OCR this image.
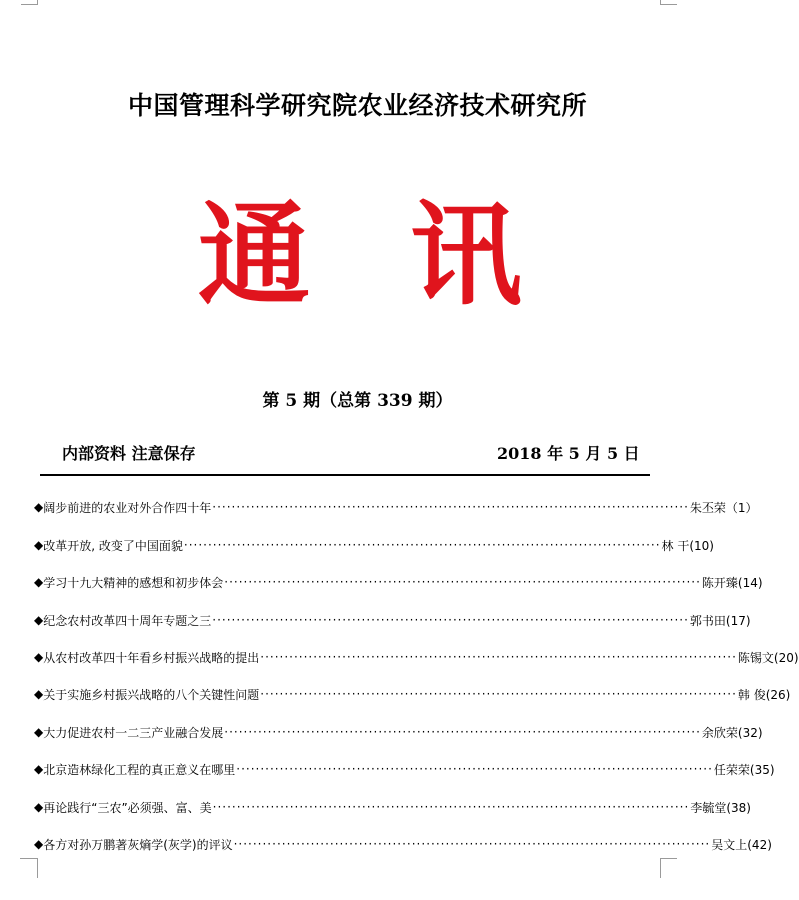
中国管理科学研究院农业经济技术研究所
通 讯
第 5 期（总第 339 期）
内部资料 注意保存	2018 年 5 月 5 日
◆ 阔步前进的农业对外合作四十年 ··································································································· 朱丕荣（1）
◆ 改革开放, 改变了中国面貌 ··································································································· 林 干(10)
◆ 学习十九大精神的感想和初步体会 ··································································································· 陈开臻(14)
◆ 纪念农村改革四十周年专题之三 ··································································································· 郭书田(17)
◆ 从农村改革四十年看乡村振兴战略的提出 ··································································································· 陈锡文(20)
◆ 关于实施乡村振兴战略的八个关键性问题 ··································································································· 韩 俊(26)
◆ 大力促进农村一二三产业融合发展 ··································································································· 余欣荣(32)
◆ 北京造林绿化工程的真正意义在哪里 ··································································································· 任荣荣(35)
◆ 再论践行“三农”必须强、富、美 ··································································································· 李毓堂(38)
◆ 各方对孙万鹏著灰熵学(灰学)的评议 ··································································································· 吴文上(42)
